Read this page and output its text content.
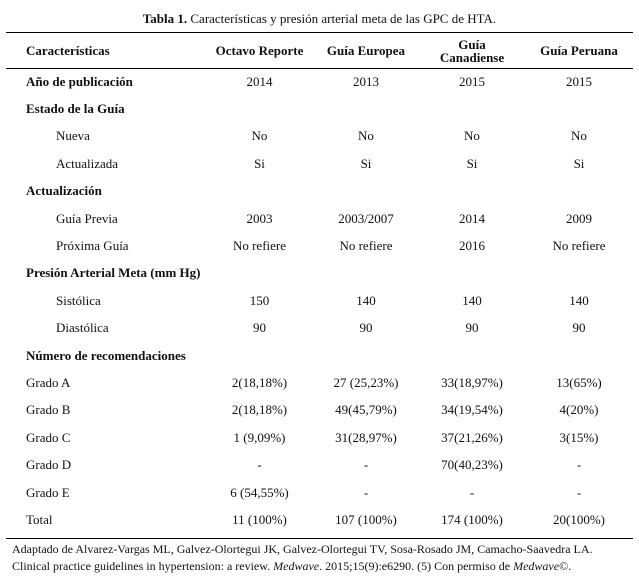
Tabla 1. Características y presión arterial meta de las GPC de HTA.
Características	Octavo Reporte	Guía Europea	Guía Canadiense	Guía Peruana
Año de publicación	2014	2013	2015	2015
Estado de la Guía				
Nueva	No	No	No	No
Actualizada	Si	Si	Si	Si
Actualización				
Guía Previa	2003	2003/2007	2014	2009
Próxima Guía	No refiere	No refiere	2016	No refiere
Presión Arterial Meta (mm Hg)				
Sistólica	150	140	140	140
Diastólica	90	90	90	90
Número de recomendaciones				
Grado A	2(18,18%)	27 (25,23%)	33(18,97%)	13(65%)
Grado B	2(18,18%)	49(45,79%)	34(19,54%)	4(20%)
Grado C	1 (9,09%)	31(28,97%)	37(21,26%)	3(15%)
Grado D	-	-	70(40,23%)	-
Grado E	6 (54,55%)	-	-	-
Total	11 (100%)	107 (100%)	174 (100%)	20(100%)
Adaptado de Alvarez-Vargas ML, Galvez-Olortegui JK, Galvez-Olortegui TV, Sosa-Rosado JM, Camacho-Saavedra LA.
Clinical practice guidelines in hypertension: a review. Medwave. 2015;15(9):e6290. (5) Con permiso de Medwave©.
